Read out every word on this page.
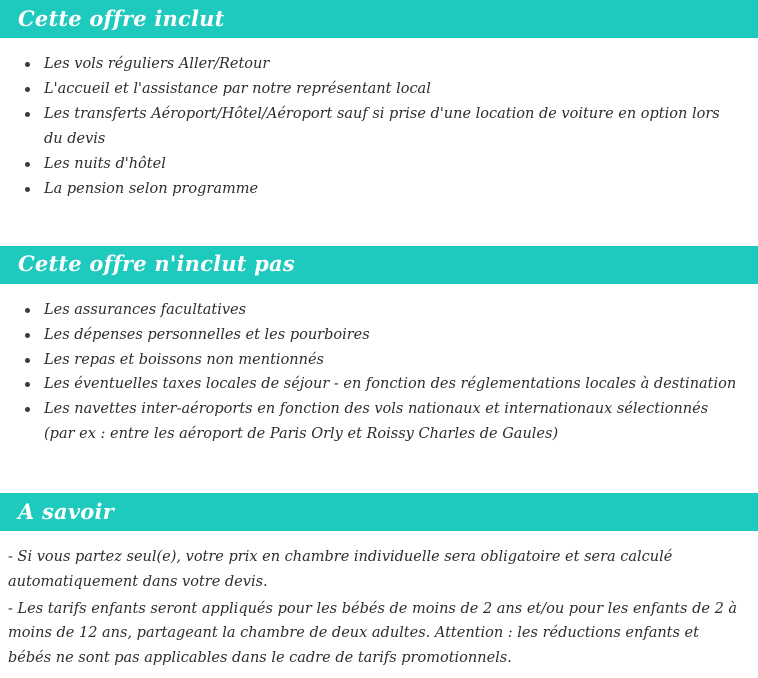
Cette offre inclut
Les vols réguliers Aller/Retour
L'accueil et l'assistance par notre représentant local
Les transferts Aéroport/Hôtel/Aéroport sauf si prise d'une location de voiture en option lors du devis
Les nuits d'hôtel
La pension selon programme
Cette offre n'inclut pas
Les assurances facultatives
Les dépenses personnelles et les pourboires
Les repas et boissons non mentionnés
Les éventuelles taxes locales de séjour - en fonction des réglementations locales à destination
Les navettes inter-aéroports en fonction des vols nationaux et internationaux sélectionnés (par ex : entre les aéroport de Paris Orly et Roissy Charles de Gaules)
A savoir

- Si vous partez seul(e), votre prix en chambre individuelle sera obligatoire et sera calculé automatiquement dans votre devis.

- Les tarifs enfants seront appliqués pour les bébés de moins de 2 ans et/ou pour les enfants de 2 à moins de 12 ans, partageant la chambre de deux adultes. Attention : les réductions enfants et bébés ne sont pas applicables dans le cadre de tarifs promotionnels.
